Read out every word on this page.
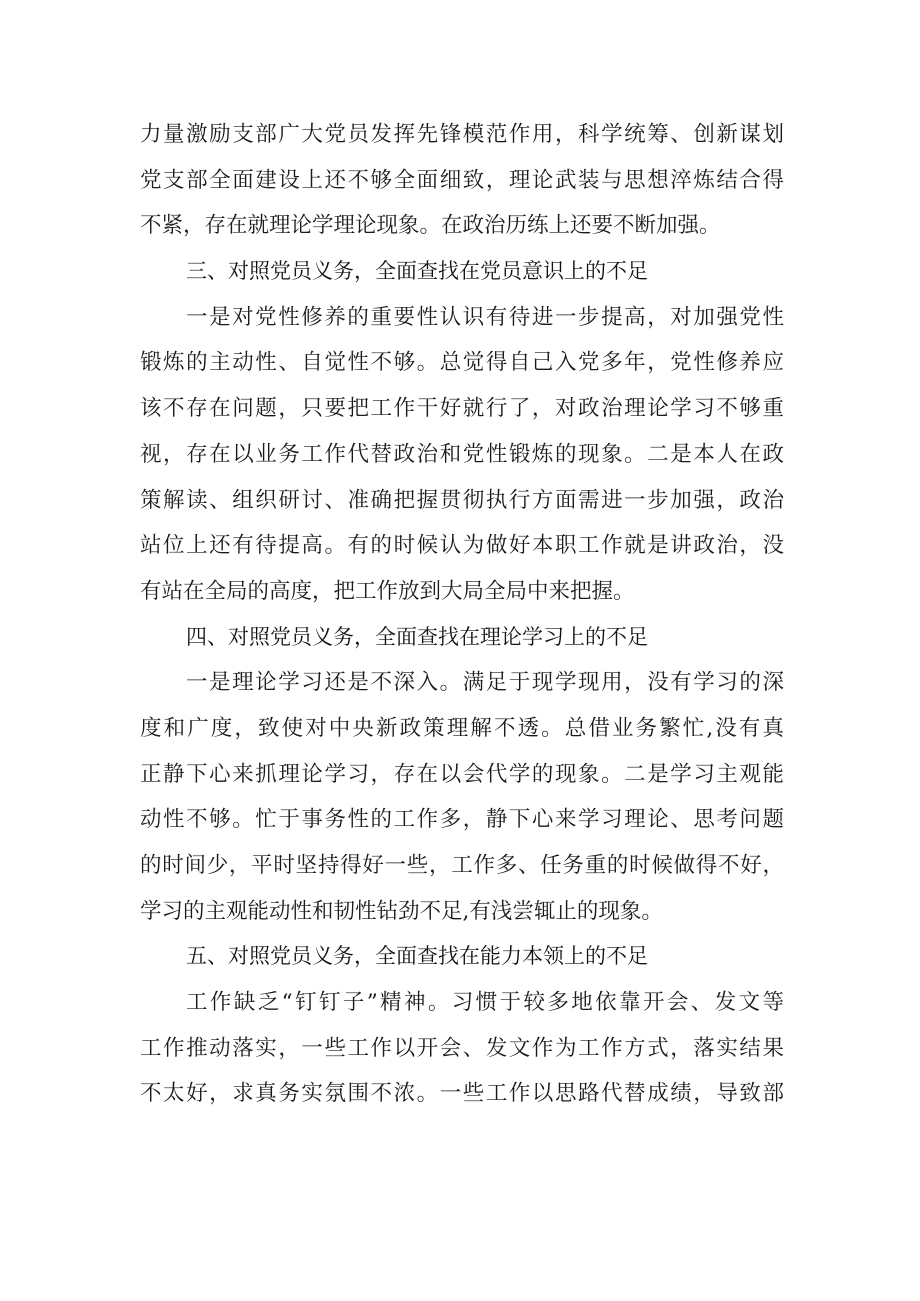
力量激励支部广大党员发挥先锋模范作用，科学统筹、创新谋划
党支部全面建设上还不够全面细致，理论武装与思想淬炼结合得
不紧，存在就理论学理论现象。在政治历练上还要不断加强。
三、对照党员义务，全面查找在党员意识上的不足
一是对党性修养的重要性认识有待进一步提高，对加强党性
锻炼的主动性、自觉性不够。总觉得自己入党多年，党性修养应
该不存在问题，只要把工作干好就行了，对政治理论学习不够重
视，存在以业务工作代替政治和党性锻炼的现象。二是本人在政
策解读、组织研讨、准确把握贯彻执行方面需进一步加强，政治
站位上还有待提高。有的时候认为做好本职工作就是讲政治，没
有站在全局的高度，把工作放到大局全局中来把握。
四、对照党员义务，全面查找在理论学习上的不足
一是理论学习还是不深入。满足于现学现用，没有学习的深
度和广度，致使对中央新政策理解不透。总借业务繁忙,没有真
正静下心来抓理论学习，存在以会代学的现象。二是学习主观能
动性不够。忙于事务性的工作多，静下心来学习理论、思考问题
的时间少，平时坚持得好一些，工作多、任务重的时候做得不好，
学习的主观能动性和韧性钻劲不足,有浅尝辄止的现象。
五、对照党员义务，全面查找在能力本领上的不足
工作缺乏“钉钉子”精神。习惯于较多地依靠开会、发文等
工作推动落实，一些工作以开会、发文作为工作方式，落实结果
不太好，求真务实氛围不浓。一些工作以思路代替成绩，导致部
